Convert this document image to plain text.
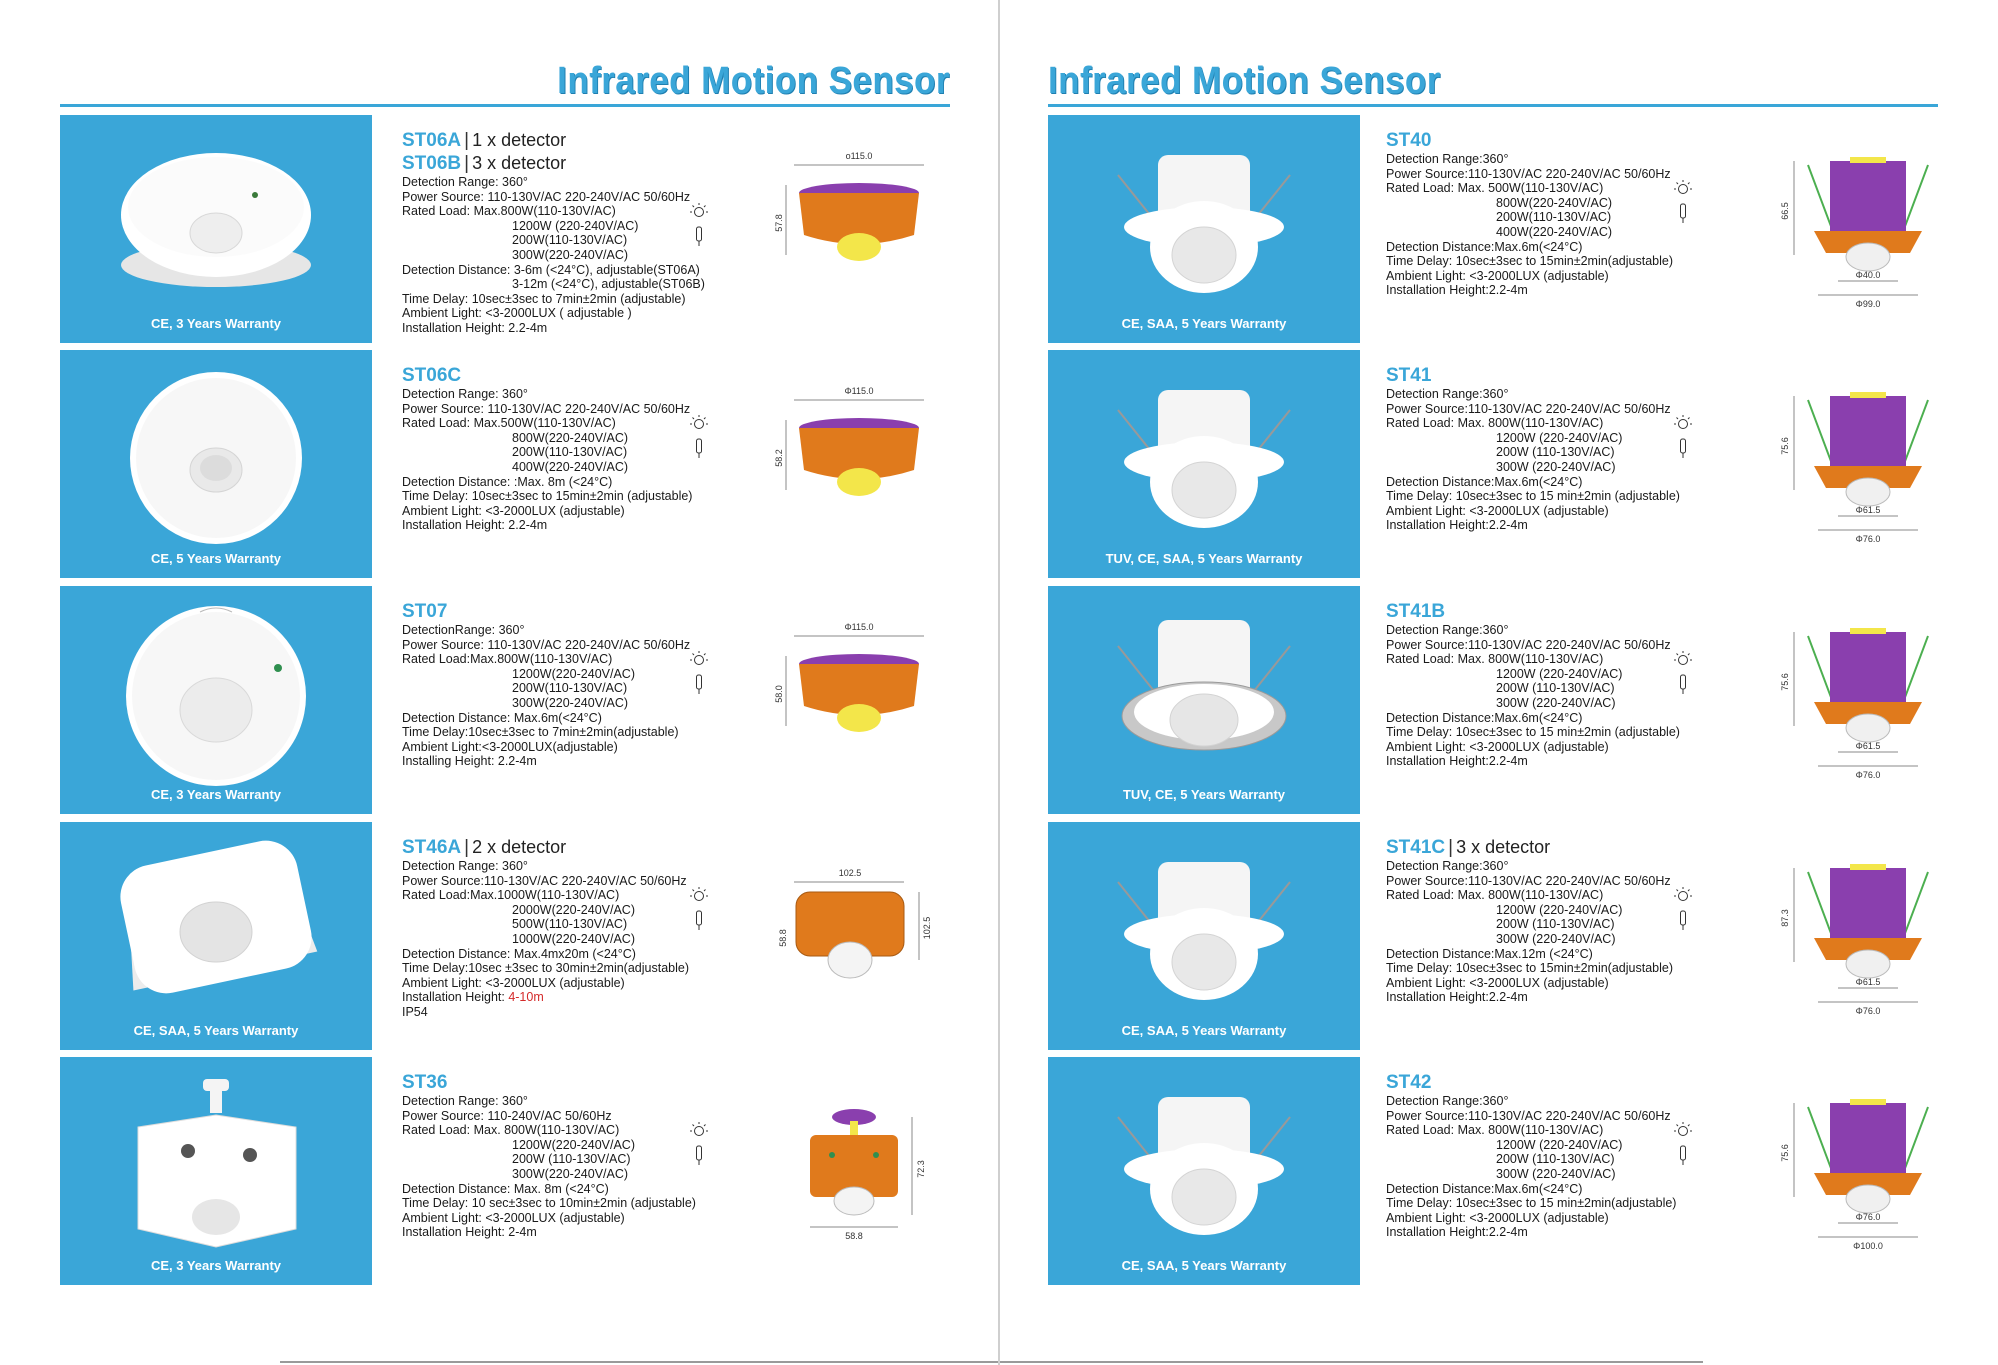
Infrared Motion Sensor
CE, 3 Years Warranty
ST06A | 1 x detector
ST06B | 3 x detector
Detection Range: 360°
Power Source: 110-130V/AC 220-240V/AC 50/60Hz
Rated Load: Max.800W(110-130V/AC)
1200W (220-240V/AC)
200W(110-130V/AC)
300W(220-240V/AC)
Detection Distance: 3-6m (<24°C), adjustable(ST06A)
3-12m (<24°C), adjustable(ST06B)
Time Delay: 10sec±3sec to 7min±2min (adjustable)
Ambient Light: <3-2000LUX ( adjustable )
Installation Height: 2.2-4m
ο115.0
57.8
CE, 5 Years Warranty
ST06C
Detection Range: 360°
Power Source: 110-130V/AC 220-240V/AC 50/60Hz
Rated Load: Max.500W(110-130V/AC)
800W(220-240V/AC)
200W(110-130V/AC)
400W(220-240V/AC)
Detection Distance: :Max. 8m (<24°C)
Time Delay: 10sec±3sec to 15min±2min (adjustable)
Ambient Light: <3-2000LUX (adjustable)
Installation Height: 2.2-4m
Φ115.0
58.2
CE, 3 Years Warranty
ST07
DetectionRange: 360°
Power Source: 110-130V/AC 220-240V/AC 50/60Hz
Rated Load:Max.800W(110-130V/AC)
1200W(220-240V/AC)
200W(110-130V/AC)
300W(220-240V/AC)
Detection Distance: Max.6m(<24°C)
Time Delay:10sec±3sec to 7min±2min(adjustable)
Ambient Light:<3-2000LUX(adjustable)
Installing Height: 2.2-4m
Φ115.0
58.0
CE, SAA, 5 Years Warranty
ST46A | 2 x detector
Detection Range: 360°
Power Source:110-130V/AC 220-240V/AC 50/60Hz
Rated Load:Max.1000W(110-130V/AC)
2000W(220-240V/AC)
500W(110-130V/AC)
1000W(220-240V/AC)
Detection Distance: Max.4mx20m (<24°C)
Time Delay:10sec ±3sec to 30min±2min(adjustable)
Ambient Light: <3-2000LUX (adjustable)
Installation Height: 4-10m
IP54
102.5
58.8	102.5
CE, 3 Years Warranty
ST36
Detection Range: 360°
Power Source: 110-240V/AC 50/60Hz
Rated Load: Max. 800W(110-130V/AC)
1200W(220-240V/AC)
200W (110-130V/AC)
300W(220-240V/AC)
Detection Distance: Max. 8m (<24°C)
Time Delay: 10 sec±3sec to 10min±2min (adjustable)
Ambient Light: <3-2000LUX (adjustable)
Installation Height: 2-4m
72.3
58.8
Infrared Motion Sensor
CE, SAA, 5 Years Warranty
ST40
Detection Range:360°
Power Source:110-130V/AC 220-240V/AC 50/60Hz
Rated Load: Max. 500W(110-130V/AC)
800W(220-240V/AC)
200W(110-130V/AC)
400W(220-240V/AC)
Detection Distance:Max.6m(<24°C)
Time Delay: 10sec±3sec to 15min±2min(adjustable)
Ambient Light: <3-2000LUX (adjustable)
Installation Height:2.2-4m
66.5
Φ40.0
Φ99.0
TUV, CE, SAA, 5 Years Warranty
ST41
Detection Range:360°
Power Source:110-130V/AC 220-240V/AC 50/60Hz
Rated Load: Max. 800W(110-130V/AC)
1200W (220-240V/AC)
200W (110-130V/AC)
300W (220-240V/AC)
Detection Distance:Max.6m(<24°C)
Time Delay: 10sec±3sec to 15 min±2min (adjustable)
Ambient Light: <3-2000LUX (adjustable)
Installation Height:2.2-4m
75.6
Φ61.5
Φ76.0
TUV, CE, 5 Years Warranty
ST41B
Detection Range:360°
Power Source:110-130V/AC 220-240V/AC 50/60Hz
Rated Load: Max. 800W(110-130V/AC)
1200W (220-240V/AC)
200W (110-130V/AC)
300W (220-240V/AC)
Detection Distance:Max.6m(<24°C)
Time Delay: 10sec±3sec to 15 min±2min (adjustable)
Ambient Light: <3-2000LUX (adjustable)
Installation Height:2.2-4m
75.6
Φ61.5
Φ76.0
CE, SAA, 5 Years Warranty
ST41C | 3 x detector
Detection Range:360°
Power Source:110-130V/AC 220-240V/AC 50/60Hz
Rated Load: Max. 800W(110-130V/AC)
1200W (220-240V/AC)
200W (110-130V/AC)
300W (220-240V/AC)
Detection Distance:Max.12m (<24°C)
Time Delay: 10sec±3sec to 15min±2min(adjustable)
Ambient Light: <3-2000LUX (adjustable)
Installation Height:2.2-4m
87.3
Φ61.5
Φ76.0
CE, SAA, 5 Years Warranty
ST42
Detection Range:360°
Power Source:110-130V/AC 220-240V/AC 50/60Hz
Rated Load: Max. 800W(110-130V/AC)
1200W (220-240V/AC)
200W (110-130V/AC)
300W (220-240V/AC)
Detection Distance:Max.6m(<24°C)
Time Delay: 10sec±3sec to 15 min±2min(adjustable)
Ambient Light: <3-2000LUX (adjustable)
Installation Height:2.2-4m
75.6
Φ76.0
Φ100.0
